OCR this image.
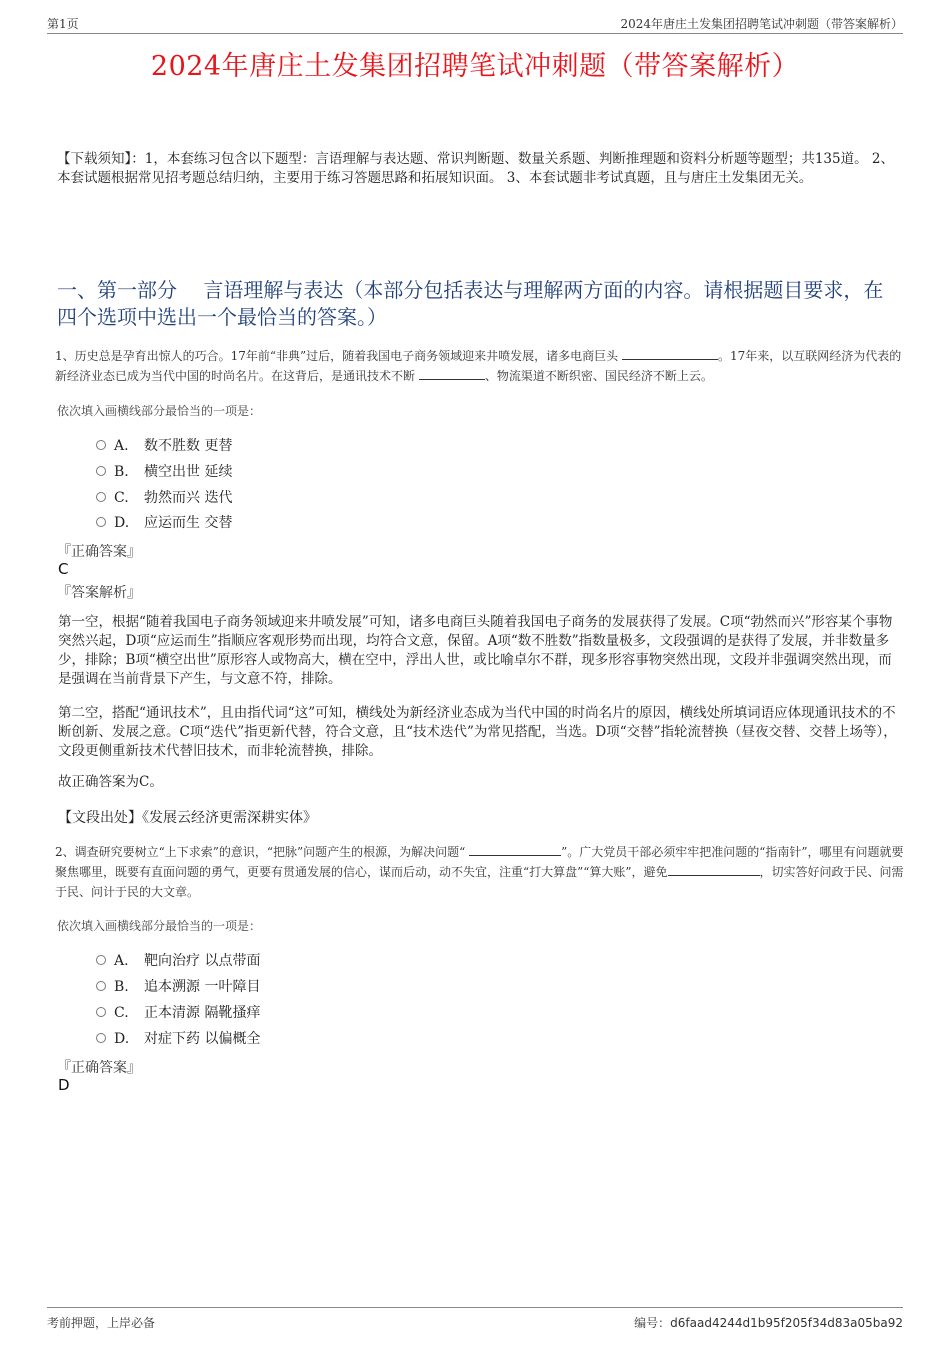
第1页	2024年唐庄土发集团招聘笔试冲刺题（带答案解析）
2024年唐庄土发集团招聘笔试冲刺题（带答案解析）
【下载须知】：1，本套练习包含以下题型：言语理解与表达题、常识判断题、数量关系题、判断推理题和资料分析题等题型；共135道。 2、本套试题根据常见招考题总结归纳，主要用于练习答题思路和拓展知识面。 3、本套试题非考试真题，且与唐庄土发集团无关。
一、第一部分　 言语理解与表达（本部分包括表达与理解两方面的内容。请根据题目要求，在四个选项中选出一个最恰当的答案。）
1、历史总是孕育出惊人的巧合。17年前“非典”过后，随着我国电子商务领域迎来井喷发展，诸多电商巨头	。17年来，以互联网经济为代表的新经济业态已成为当代中国的时尚名片。在这背后，是通讯技术不断	、物流渠道不断织密、国民经济不断上云。
依次填入画横线部分最恰当的一项是：
A. 数不胜数 更替
B. 横空出世 延续
C. 勃然而兴 迭代
D. 应运而生 交替
『正确答案』
C
『答案解析』
第一空，根据“随着我国电子商务领域迎来井喷发展”可知，诸多电商巨头随着我国电子商务的发展获得了发展。C项“勃然而兴”形容某个事物突然兴起，D项“应运而生”指顺应客观形势而出现，均符合文意，保留。A项“数不胜数”指数量极多，文段强调的是获得了发展，并非数量多少，排除；B项“横空出世”原形容人或物高大，横在空中，浮出人世，或比喻卓尔不群，现多形容事物突然出现，文段并非强调突然出现，而是强调在当前背景下产生，与文意不符，排除。
第二空，搭配“通讯技术”，且由指代词“这”可知，横线处为新经济业态成为当代中国的时尚名片的原因，横线处所填词语应体现通讯技术的不断创新、发展之意。C项“迭代”指更新代替，符合文意，且“技术迭代”为常见搭配，当选。D项“交替”指轮流替换（昼夜交替、交替上场等），文段更侧重新技术代替旧技术，而非轮流替换，排除。
故正确答案为C。
【文段出处】《发展云经济更需深耕实体》
2、调查研究要树立“上下求索”的意识，“把脉”问题产生的根源，为解决问题“	”。广大党员干部必须牢牢把准问题的“指南针”，哪里有问题就要聚焦哪里，既要有直面问题的勇气，更要有贯通发展的信心，谋而后动，动不失宜，注重“打大算盘”“算大账”，避免	，切实答好问政于民、问需于民、问计于民的大文章。
依次填入画横线部分最恰当的一项是：
A. 靶向治疗 以点带面
B. 追本溯源 一叶障目
C. 正本清源 隔靴搔痒
D. 对症下药 以偏概全
『正确答案』
D
考前押题，上岸必备	编号：d6faad4244d1b95f205f34d83a05ba92
